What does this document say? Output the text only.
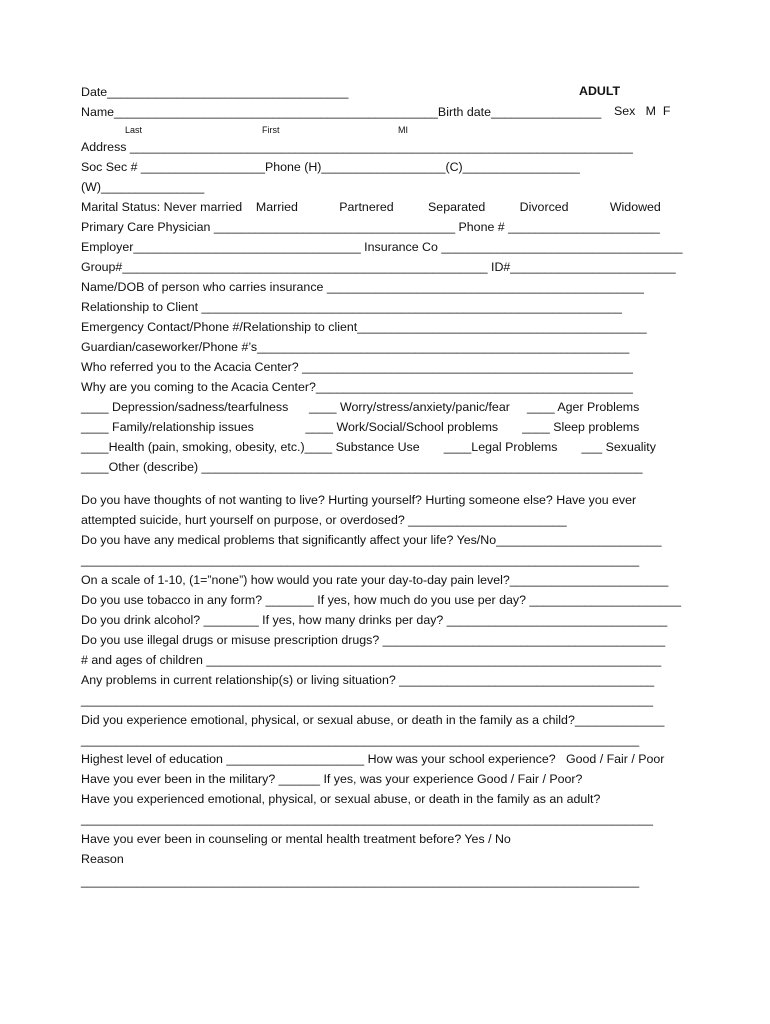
Date___________________________________	ADULT
Name_______________________________________________Birth date________________ Sex   M  F
Last	First	MI
Address _________________________________________________________________________
Soc Sec # __________________Phone (H)__________________(C)_________________
(W)_______________
Marital Status: Never married    Married            Partnered          Separated          Divorced            Widowed
Primary Care Physician ___________________________________ Phone # ______________________
Employer_________________________________ Insurance Co ___________________________________
Group#_____________________________________________________ ID#________________________
Name/DOB of person who carries insurance ______________________________________________
Relationship to Client _____________________________________________________________
Emergency Contact/Phone #/Relationship to client__________________________________________
Guardian/caseworker/Phone #’s______________________________________________________
Who referred you to the Acacia Center? ________________________________________________
Why are you coming to the Acacia Center?______________________________________________
____ Depression/sadness/tearfulness      ____ Worry/stress/anxiety/panic/fear     ____ Ager Problems
____ Family/relationship issues               ____ Work/Social/School problems       ____ Sleep problems
____Health (pain, smoking, obesity, etc.)____ Substance Use       ____Legal Problems       ___ Sexuality
____Other (describe) ________________________________________________________________
Do you have thoughts of not wanting to live? Hurting yourself? Hurting someone else? Have you ever
attempted suicide, hurt yourself on purpose, or overdosed? _______________________
Do you have any medical problems that significantly affect your life? Yes/No________________________
_________________________________________________________________________________
On a scale of 1-10, (1=”none”) how would you rate your day-to-day pain level?_______________________
Do you use tobacco in any form? _______ If yes, how much do you use per day? ______________________
Do you drink alcohol? ________ If yes, how many drinks per day? ________________________________
Do you use illegal drugs or misuse prescription drugs? _________________________________________
# and ages of children __________________________________________________________________
Any problems in current relationship(s) or living situation? _____________________________________
___________________________________________________________________________________
Did you experience emotional, physical, or sexual abuse, or death in the family as a child?_____________
_________________________________________________________________________________
Highest level of education ____________________ How was your school experience?   Good / Fair / Poor
Have you ever been in the military? ______ If yes, was your experience Good / Fair / Poor?
Have you experienced emotional, physical, or sexual abuse, or death in the family as an adult?
___________________________________________________________________________________
Have you ever been in counseling or mental health treatment before? Yes / No
Reason
_________________________________________________________________________________
